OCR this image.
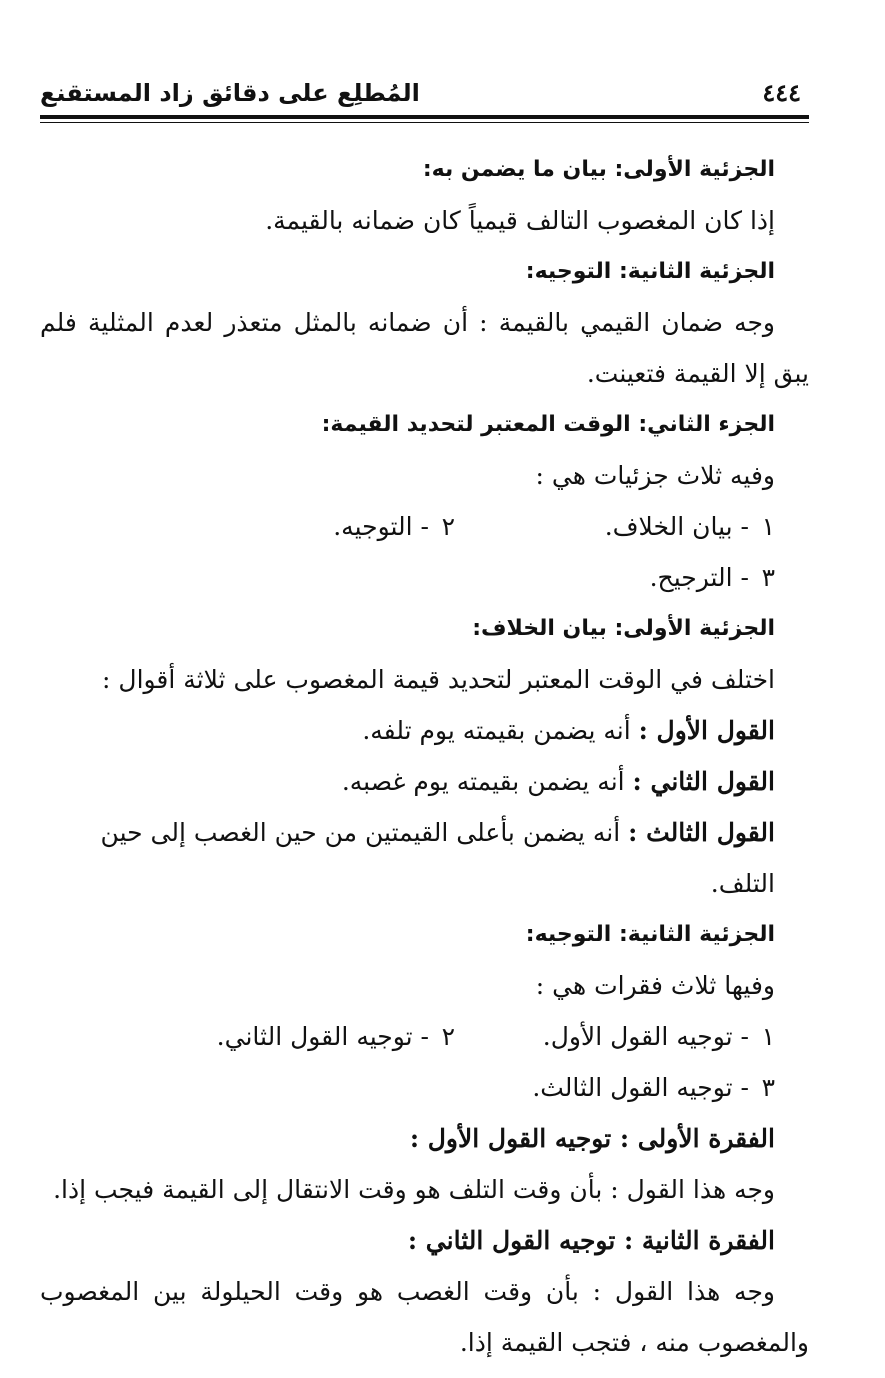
٤٤٤
المُطلِع على دقائق زاد المستقنع

الجزئية الأولى: بيان ما يضمن به:

إذا كان المغصوب التالف قيمياً كان ضمانه بالقيمة.

الجزئية الثانية: التوجيه:

وجه ضمان القيمي بالقيمة : أن ضمانه بالمثل متعذر لعدم المثلية فلم يبق إلا القيمة فتعينت.

الجزء الثاني: الوقت المعتبر لتحديد القيمة:

وفيه ثلاث جزئيات هي :

١- بيان الخلاف.
٢- التوجيه.
٣- الترجيح.

الجزئية الأولى: بيان الخلاف:

اختلف في الوقت المعتبر لتحديد قيمة المغصوب على ثلاثة أقوال :

القول الأول : أنه يضمن بقيمته يوم تلفه.

القول الثاني : أنه يضمن بقيمته يوم غصبه.

القول الثالث : أنه يضمن بأعلى القيمتين من حين الغصب إلى حين التلف.

الجزئية الثانية: التوجيه:

وفيها ثلاث فقرات هي :

١- توجيه القول الأول.
٢- توجيه القول الثاني.
٣- توجيه القول الثالث.

الفقرة الأولى : توجيه القول الأول :

وجه هذا القول : بأن وقت التلف هو وقت الانتقال إلى القيمة فيجب إذا.

الفقرة الثانية : توجيه القول الثاني :

وجه هذا القول : بأن وقت الغصب هو وقت الحيلولة بين المغصوب والمغصوب منه ، فتجب القيمة إذا.
